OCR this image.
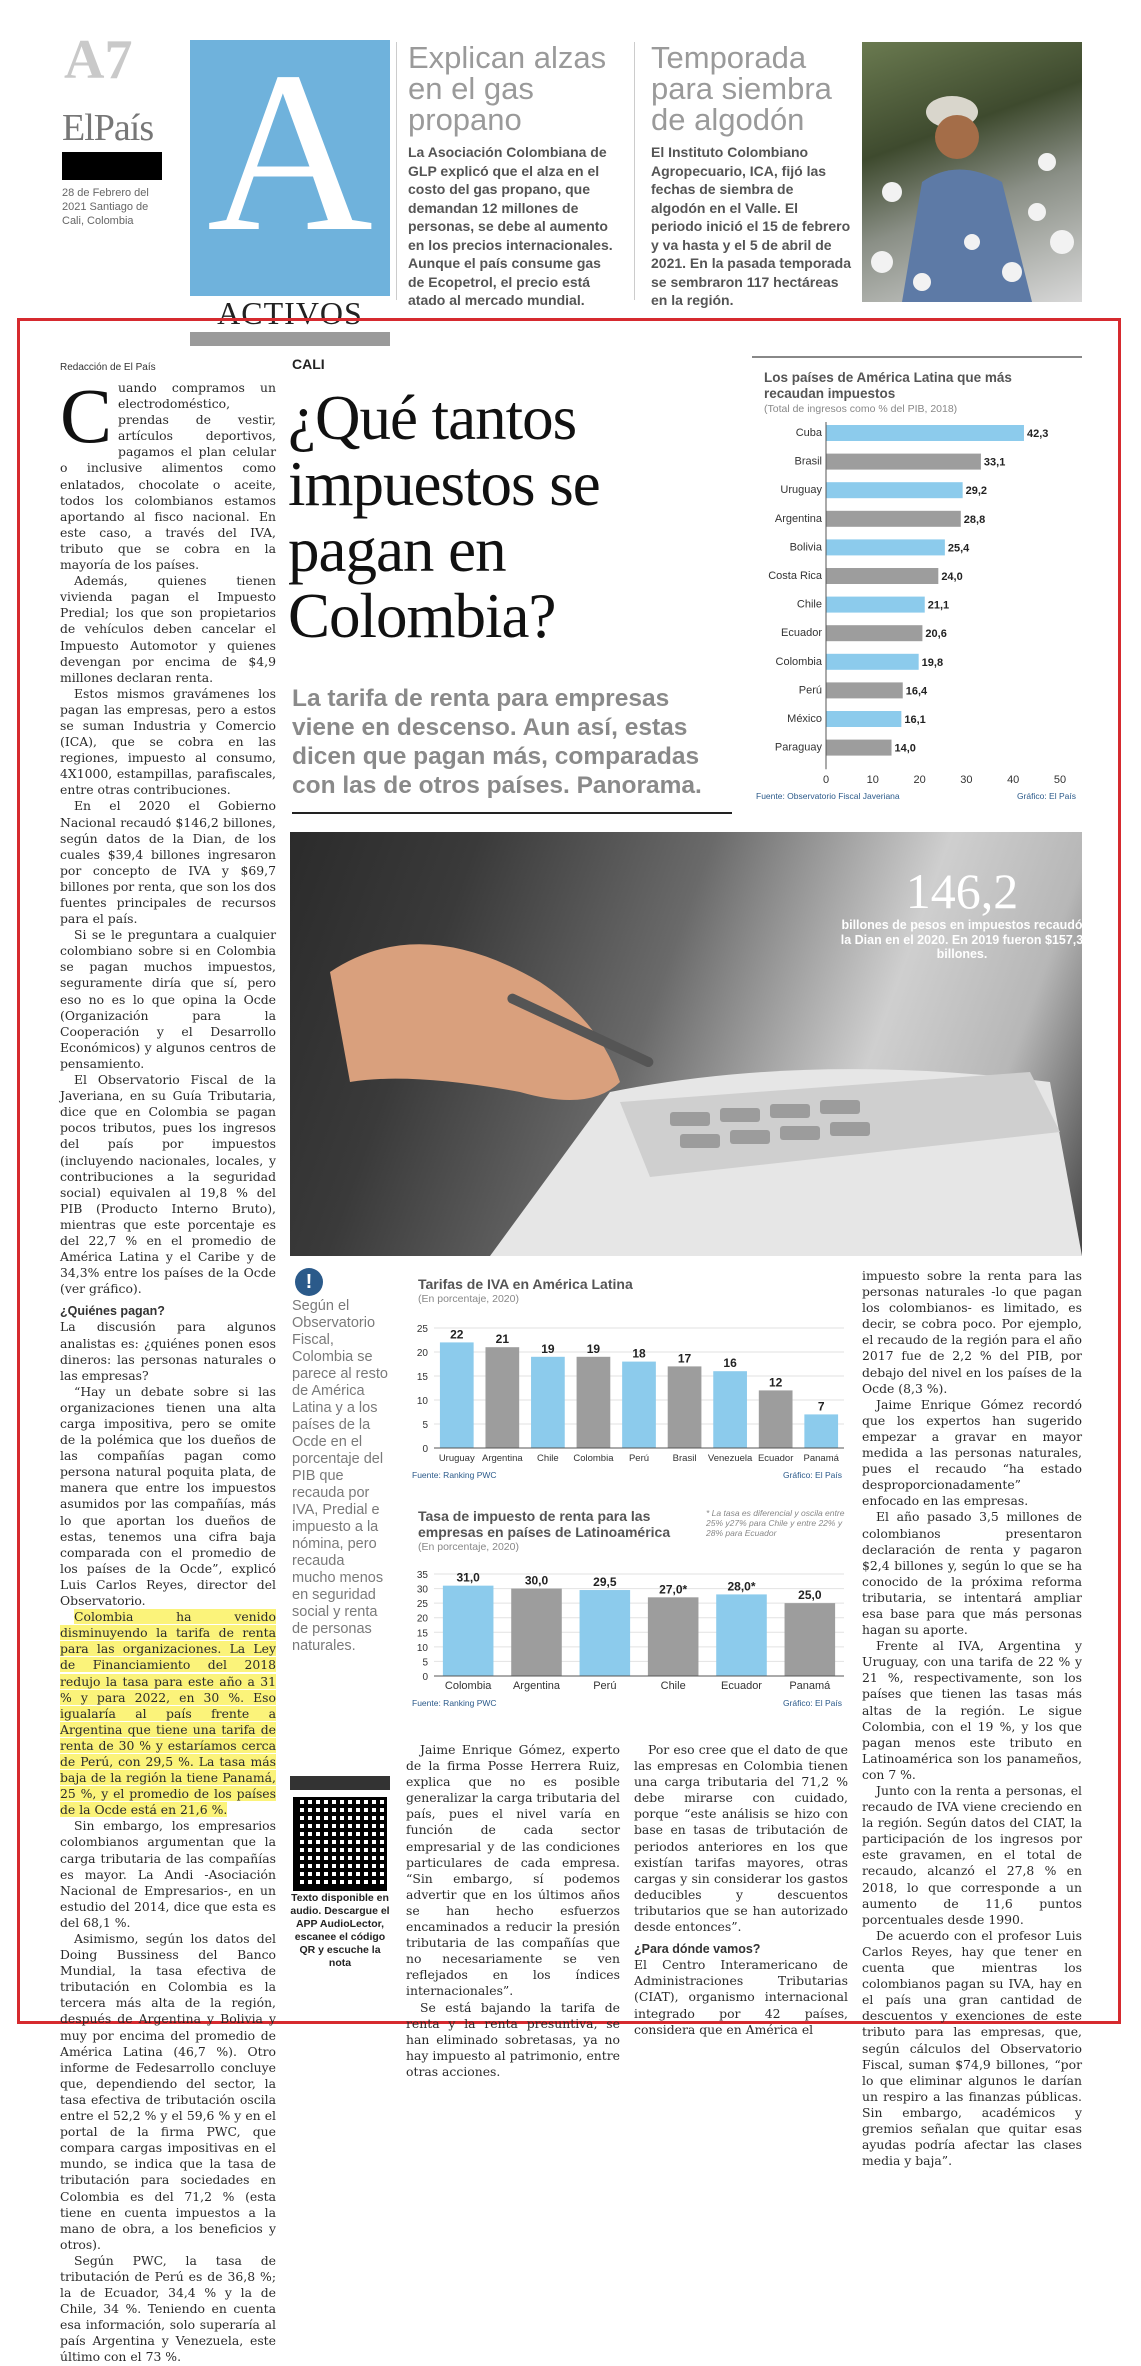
A7
ElPaís
28 de Febrero del 2021 Santiago de Cali, Colombia A
ACTIVOS
Explican alzas en el gas propano

La Asociación Colombiana de GLP explicó que el alza en el costo del gas propano, que demandan 12 millones de personas, se debe al aumento en los precios internacionales. Aunque el país consume gas de Ecopetrol, el precio está atado al mercado mundial.

Temporada para siembra de algodón

El Instituto Colombiano Agropecuario, ICA, fijó las fechas de siembra de algodón en el Valle. El periodo inició el 15 de febrero y va hasta y el 5 de abril de 2021. En la pasada temporada se sembraron 117 hectáreas en la región.

Redacción de El País

Cuando compramos un electrodoméstico, prendas de vestir, artículos deportivos, pagamos el plan celular o inclusive alimentos como enlatados, chocolate o aceite, todos los colombianos estamos aportando al fisco nacional. En este caso, a través del IVA, tributo que se cobra en la mayoría de los países.

Además, quienes tienen vivienda pagan el Impuesto Predial; los que son propietarios de vehículos deben cancelar el Impuesto Automotor y quienes devengan por encima de $4,9 millones declaran renta.

Estos mismos gravámenes los pagan las empresas, pero a estos se suman Industria y Comercio (ICA), que se cobra en las regiones, impuesto al consumo, 4X1000, estampillas, parafiscales, entre otras contribuciones.

En el 2020 el Gobierno Nacional recaudó $146,2 billones, según datos de la Dian, de los cuales $39,4 billones ingresaron por concepto de IVA y $69,7 billones por renta, que son los dos fuentes principales de recursos para el país.

Si se le preguntara a cualquier colombiano sobre si en Colombia se pagan muchos impuestos, seguramente diría que sí, pero eso no es lo que opina la Ocde (Organización para la Cooperación y el Desarrollo Económicos) y algunos centros de pensamiento.

El Observatorio Fiscal de la Javeriana, en su Guía Tributaria, dice que en Colombia se pagan pocos tributos, pues los ingresos del país por impuestos (incluyendo nacionales, locales, y contribuciones a la seguridad social) equivalen al 19,8 % del PIB (Producto Interno Bruto), mientras que este porcentaje es del 22,7 % en el promedio de América Latina y el Caribe y de 34,3% entre los países de la Ocde (ver gráfico).

¿Quiénes pagan?

La discusión para algunos analistas es: ¿quiénes ponen esos dineros: las personas naturales o las empresas?

“Hay un debate sobre si las organizaciones tienen una alta carga impositiva, pero se omite de la polémica que los dueños de las compañías pagan como persona natural poquita plata, de manera que entre los impuestos asumidos por las compañías, más lo que aportan los dueños de estas, tenemos una cifra baja comparada con el promedio de los países de la Ocde”, explicó Luis Carlos Reyes, director del Observatorio.

Colombia ha venido disminuyendo la tarifa de renta para las organizaciones. La Ley de Financiamiento del 2018 redujo la tasa para este año a 31 % y para 2022, en 30 %. Eso igualaría al país frente a Argentina que tiene una tarifa de renta de 30 % y estaríamos cerca de Perú, con 29,5 %. La tasa más baja de la región la tiene Panamá, 25 %, y el promedio de los países de la Ocde está en 21,6 %.

Sin embargo, los empresarios colombianos argumentan que la carga tributaria de las compañías es mayor. La Andi -Asociación Nacional de Empresarios-, en un estudio del 2014, dice que esta es del 68,1 %.

Asimismo, según los datos del Doing Bussiness del Banco Mundial, la tasa efectiva de tributación en Colombia es la tercera más alta de la región, después de Argentina y Bolivia y muy por encima del promedio de América Latina (46,7 %). Otro informe de Fedesarrollo concluye que, dependiendo del sector, la tasa efectiva de tributación oscila entre el 52,2 % y el 59,6 % y en el portal de la firma PWC, que compara cargas impositivas en el mundo, se indica que la tasa de tributación para sociedades en Colombia es del 71,2 % (esta tiene en cuenta impuestos a la mano de obra, a los beneficios y otros).

Según PWC, la tasa de tributación de Perú es de 36,8 %; la de Ecuador, 34,4 % y la de Chile, 34 %. Teniendo en cuenta esa información, solo superaría al país Argentina y Venezuela, este último con el 73 %.

CALI
¿Qué tantos impuestos se pagan en Colombia?
La tarifa de renta para empresas viene en descenso. Aun así, estas dicen que pagan más, comparadas con las de otros países. Panorama.
Los países de América Latina que más recaudan impuestos
(Total de ingresos como % del PIB, 2018)
Cuba	42,3
Brasil	33,1
Uruguay	29,2
Argentina	28,8
Bolivia	25,4
Costa Rica	24,0
Chile	21,1
Ecuador	20,6
Colombia	19,8
Perú	16,4
México	16,1
Paraguay	14,0
0	10	20	30	40	50
Fuente: Observatorio Fiscal Javeriana	Gráfico: El País
146,2
billones de pesos en impuestos recaudó la Dian en el 2020. En 2019 fueron $157,3 billones.
!
Según el Observatorio Fiscal, Colombia se parece al resto de América Latina y a los países de la Ocde en el porcentaje del PIB que recauda por IVA, Predial e impuesto a la nómina, pero recauda mucho menos en seguridad social y renta de personas naturales.
Tarifas de IVA en América Latina
(En porcentaje, 2020)
0
5
10
15
20
25 22
Uruguay
21
Argentina
19
Chile
19
Colombia
18
Perú
17
Brasil
16
Venezuela
12
Ecuador
7
Panamá
Fuente: Ranking PWC	Gráfico: El País
Tasa de impuesto de renta para las empresas en países de Latinoamérica
(En porcentaje, 2020)
* La tasa es diferencial y oscila entre 25% y27% para Chile y entre 22% y 28% para Ecuador
0
5
10
15
20
25
30
35 31,0
Colombia
30,0
Argentina
29,5
Perú
27,0*
Chile
28,0*
Ecuador
25,0
Panamá
Fuente: Ranking PWC	Gráfico: El País

impuesto sobre la renta para las personas naturales -lo que pagan los colombianos- es limitado, es decir, se cobra poco. Por ejemplo, el recaudo de la región para el año 2017 fue de 2,2 % del PIB, por debajo del nivel en los países de la Ocde (8,3 %).

Jaime Enrique Gómez recordó que los expertos han sugerido empezar a gravar en mayor medida a las personas naturales, pues el recaudo “ha estado desproporcionadamente” enfocado en las empresas.

El año pasado 3,5 millones de colombianos presentaron declaración de renta y pagaron $2,4 billones y, según lo que se ha conocido de la próxima reforma tributaria, se intentará ampliar esa base para que más personas hagan su aporte.

Frente al IVA, Argentina y Uruguay, con una tarifa de 22 % y 21 %, respectivamente, son los países que tienen las tasas más altas de la región. Le sigue Colombia, con el 19 %, y los que pagan menos este tributo en Latinoamérica son los panameños, con 7 %.

Junto con la renta a personas, el recaudo de IVA viene creciendo en la región. Según datos del CIAT, la participación de los ingresos por este gravamen, en el total de recaudo, alcanzó el 27,8 % en 2018, lo que corresponde a un aumento de 11,6 puntos porcentuales desde 1990.

De acuerdo con el profesor Luis Carlos Reyes, hay que tener en cuenta que mientras los colombianos pagan su IVA, hay en el país una gran cantidad de descuentos y exenciones de este tributo para las empresas, que, según cálculos del Observatorio Fiscal, suman $74,9 billones, “por lo que eliminar algunos le darían un respiro a las finanzas públicas. Sin embargo, académicos y gremios señalan que quitar esas ayudas podría afectar las clases media y baja”.

Jaime Enrique Gómez, experto de la firma Posse Herrera Ruiz, explica que no es posible generalizar la carga tributaria del país, pues el nivel varía en función de cada sector empresarial y de las condiciones particulares de cada empresa. “Sin embargo, sí podemos advertir que en los últimos años se han hecho esfuerzos encaminados a reducir la presión tributaria de las compañías que no necesariamente se ven reflejados en los índices internacionales”.

Se está bajando la tarifa de renta y la renta presuntiva, se han eliminado sobretasas, ya no hay impuesto al patrimonio, entre otras acciones.

Por eso cree que el dato de que las empresas en Colombia tienen una carga tributaria del 71,2 % debe mirarse con cuidado, porque “este análisis se hizo con base en tasas de tributación de periodos anteriores en los que existían tarifas mayores, otras cargas y sin considerar los gastos deducibles y descuentos tributarios que se han autorizado desde entonces”.

¿Para dónde vamos?

El Centro Interamericano de Administraciones Tributarias (CIAT), organismo internacional integrado por 42 países, considera que en América el

Texto disponible en audio. Descargue el APP AudioLector, escanee el código QR y escuche la nota
